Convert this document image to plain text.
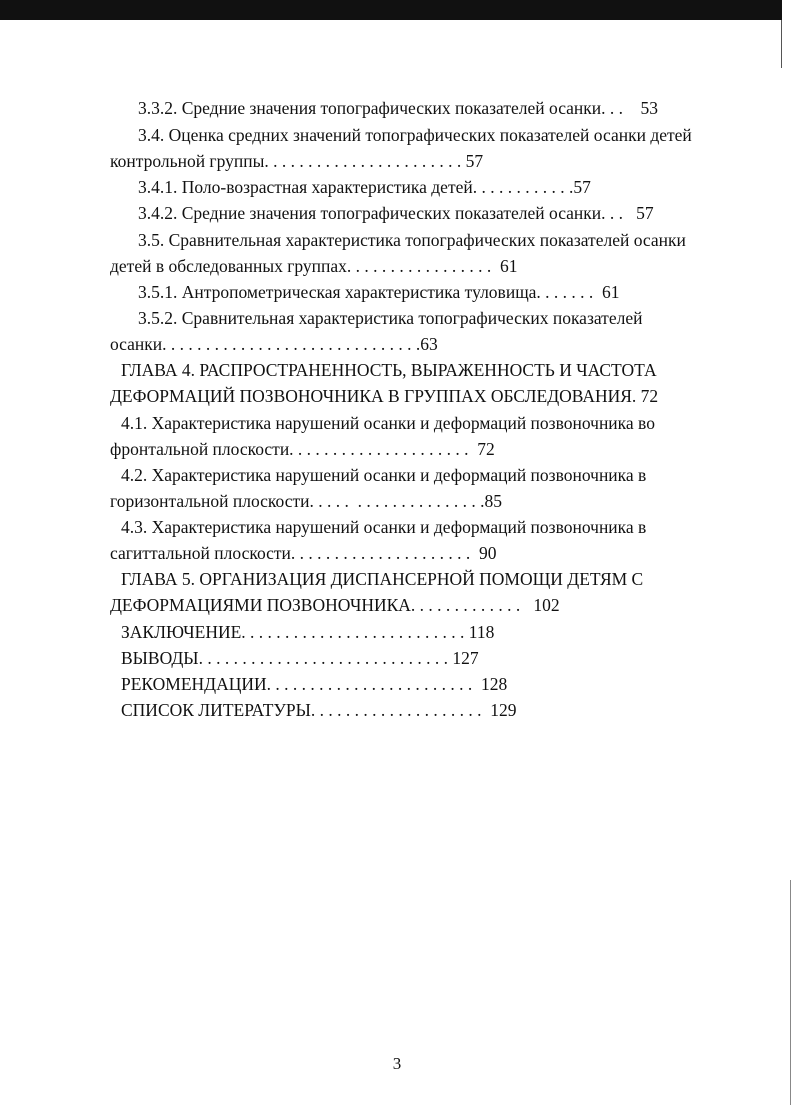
3.3.2. Средние значения топографических показателей осанки. . .    53
3.4. Оценка средних значений топографических показателей осанки детей
контрольной группы. . . . . . . . . . . . . . . . . . . . . . . 57
3.4.1. Поло-возрастная характеристика детей. . . . . . . . . . . .57
3.4.2. Средние значения топографических показателей осанки. . .   57
3.5. Сравнительная характеристика топографических показателей осанки
детей в обследованных группах. . . . . . . . . . . . . . . . .  61
3.5.1. Антропометрическая характеристика туловища. . . . . . .  61
3.5.2. Сравнительная характеристика топографических показателей
осанки. . . . . . . . . . . . . . . . . . . . . . . . . . . . . .63
ГЛАВА 4. РАСПРОСТРАНЕННОСТЬ, ВЫРАЖЕННОСТЬ И ЧАСТОТА
ДЕФОРМАЦИЙ ПОЗВОНОЧНИКА В ГРУППАХ ОБСЛЕДОВАНИЯ. 72
4.1. Характеристика нарушений осанки и деформаций позвоночника во
фронтальной плоскости. . . . . . . . . . . . . . . . . . . . .  72
4.2. Характеристика нарушений осанки и деформаций позвоночника в
горизонтальной плоскости. . . . .  . . . . . . . . . . . . . . .85
4.3. Характеристика нарушений осанки и деформаций позвоночника в
сагиттальной плоскости. . . . . . . . . . . . . . . . . . . . .  90
ГЛАВА 5. ОРГАНИЗАЦИЯ ДИСПАНСЕРНОЙ ПОМОЩИ ДЕТЯМ С
ДЕФОРМАЦИЯМИ ПОЗВОНОЧНИКА. . . . . . . . . . . . .   102
ЗАКЛЮЧЕНИЕ. . . . . . . . . . . . . . . . . . . . . . . . . . 118
ВЫВОДЫ. . . . . . . . . . . . . . . . . . . . . . . . . . . . . 127
РЕКОМЕНДАЦИИ. . . . . . . . . . . . . . . . . . . . . . . .  128
СПИСОК ЛИТЕРАТУРЫ. . . . . . . . . . . . . . . . . . . .  129
3
